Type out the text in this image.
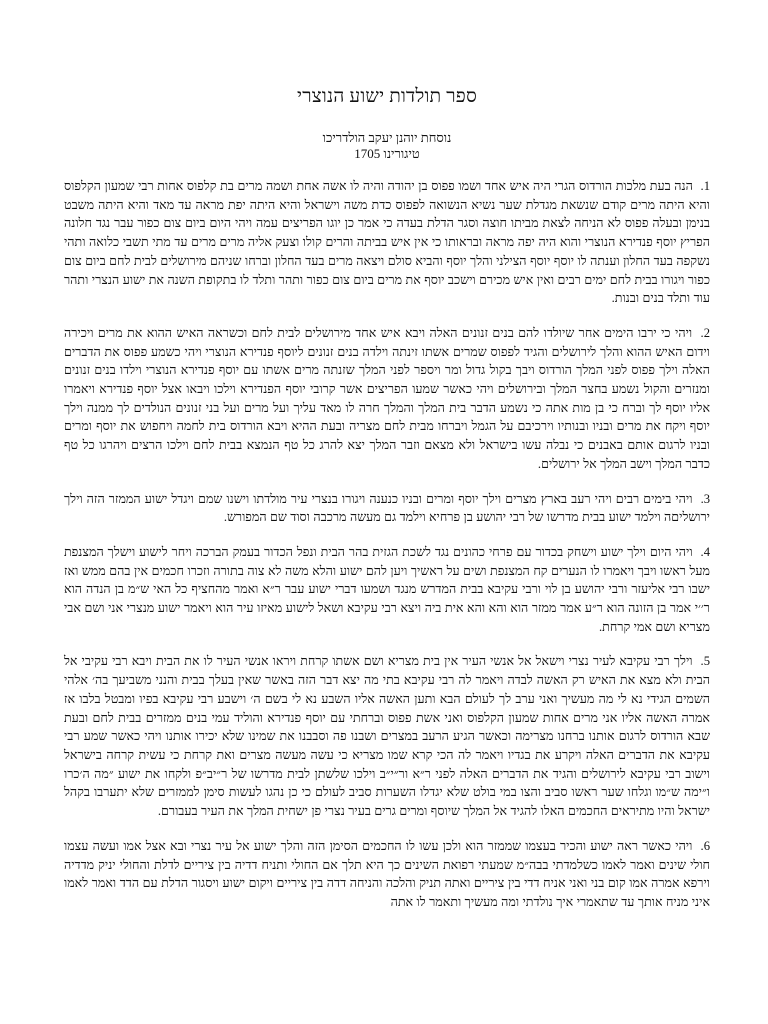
ספר תולדות ישוע הנוצרי

נוסחת יוהנן יעקב הולדריכו

טיגורינו 1705

1. הנה בעת מלכות הורדוס הגרי היה איש אחד ושמו פפוס בן יהודה והיה לו אשה אחת ושמה מרים בת קלפוס אחות רבי שמעון הקלפוס והיא היתה מרים קודם שנשאת מגדלת שער נשיא הנשואה לפפוס כדת משה וישראל והיא היתה יפת מראה עד מאד והיא היתה משבט בנימן ובעלה פפוס לא הניחה לצאת מביתו חוצה וסגר הדלת בעדה כי אמר כן יוגו הפריצים עמה ויהי היום ביום צום כפור עבר נגד חלונה הפריץ יוסף פנדירא הנוצרי והוא היה יפה מראה ובראותו כי אין איש בביתה והרים קולו וצעק אליה מרים מרים עד מתי תשבי כלואה ותהי נשקפה בעד החלון וענתה לו יוסף יוסף הצילני והלך יוסף והביא סולם ויצאה מרים בעד החלון וברחו שניהם מירושלים לבית לחם ביום צום כפור ויגורו בבית לחם ימים רבים ואין איש מכירם וישכב יוסף את מרים ביום צום כפור ותהר ותלד לו בתקופת השנה את ישוע הנצרי ותהר עוד ותלד בנים ובנות.

2. ויהי כי ירבו הימים אחר שיולדו להם בנים זנונים האלה ויבא איש אחד מירושלים לבית לחם וכשראה האיש ההוא את מרים ויכירה וידום האיש ההוא והלך לירושלים והגיד לפפוס שמרים אשתו זינתה וילדה בנים זנונים ליוסף פנדירא הנוצרי ויהי כשמע פפוס את הדברים האלה וילך פפוס לפני המלך הורדוס ויבך בקול גדול ומר ויספר לפני המלך שזנתה מרים אשתו עם יוסף פנדירא הנוצרי וילדו בנים זנונים ומנזרים והקול נשמע בחצר המלך ובירושלים ויהי כאשר שמעו הפריצים אשר קרובי יוסף הפנדירא וילכו ויבאו אצל יוסף פנדירא ויאמרו אליו יוסף לך וברח כי בן מות אתה כי נשמע הדבר בית המלך והמלך חרה לו מאד עליך ועל מרים ועל בני זנונים הנולדים לך ממנה וילך יוסף ויקח את מרים ובניו ובנותיו וירכיבם על הגמל ויברחו מבית לחם מצריה ובעת ההיא ויבא הורדוס בית לחמה ויחפוש את יוסף ומרים ובניו לרגום אותם באבנים כי נבלה עשו בישראל ולא מצאם וזבר המלך יצא להרג כל טף הנמצא בבית לחם וילכו הרצים ויהרגו כל טף כדבר המלך וישב המלך אל ירושלים.

3. ויהי בימים רבים ויהי רעב בארץ מצרים וילך יוסף ומרים ובניו כנענה ויגורו בנצרי עיר מולדתו וישנו שמם ויגדל ישוע הממזר הזה וילך ירושליםה וילמד ישוע בבית מדרשו של רבי יהושע בן פרחיא וילמד גם מעשה מרכבה וסוד שם המפורש.

4. ויהי היום וילך ישוע וישחק בכדור עם פרחי כהונים נגד לשכת הגזית בהר הבית ונפל הכדור בעמק הברכה ויחר לישוע וישלך המצנפת מעל ראשו ויבך ויאמרו לו הנערים קח המצנפת ושים על ראשיך ויען להם ישוע והלא משה לא צוה בתורה וזכרו חכמים אין בהם ממש ואז ישבו רבי אליעזר ורבי יהושע בן לוי ורבי עקיבא בבית המדרש מנגד ושמעו דברי ישוע עבר ר״א ואמר מהחציף כל האי ש״מ בן הנדה הוא ר׳׳י אמר בן הזונה הוא ר״ע אמר ממזר הוא והא והא אית ביה ויצא רבי עקיבא ושאל לישוע מאיזו עיר הוא ויאמר ישוע מנצרי אני ושם אבי מצריא ושם אמי קרחת.

5. וילך רבי עקיבא לעיר נצרי וישאל אל אנשי העיר אין בית מצריא ושם אשתו קרחת ויראו אנשי העיר לו את הבית ויבא רבי עקיבי אל הבית ולא מצא את האיש רק האשה לבדה ויאמר לה רבי עקיבא בתי מה יצא דבר הזה באשר שאין בעלך בבית והנני משביעך בה׳ אלהי השמים הגידי נא לי מה מעשיך ואני ערב לך לעולם הבא ותען האשה אליו השבע נא לי בשם ה׳ וישבע רבי עקיבא בפיו ומבטל בלבו אז אמרה האשה אליו אני מרים אחות שמעון הקלפוס ואני אשת פפוס וברחתי עם יוסף פנדירא והוליד עמי בנים ממזרים בבית לחם ובעת שבא הורדוס לרגום אותנו ברחנו מצרימה וכאשר הגיע הרעב במצרים ושבנו פה וסבבנו את שמינו שלא יכירו אותנו ויהי כאשר שמע רבי עקיבא את הדברים האלה ויקרע את בגדיו ויאמר לה הכי קרא שמו מצריא כי עשה מעשה מצרים ואת קרחת כי עשית קרחה בישראל וישוב רבי עקיבא לירושלים והגיד את הדברים האלה לפני ר״א ור״י״ב וילכו שלשתן לבית מדרשו של ר״יב״פ ולקחו את ישוע ״מה ה׳כרו ו״ימה ש״מו וגלחו שער ראשו סביב והצו במי בולט שלא יגדלו השערות סביב לעולם כי כן נהגו לעשות סימן לממזרים שלא יתערבו בקהל ישראל והיו מתיראים החכמים האלו להגיד אל המלך שיוסף ומרים גרים בעיר נצרי פן ישחית המלך את העיר בעבורם.

6. ויהי כאשר ראה ישוע והכיר בעצמו שממזר הוא ולכן עשו לו החכמים הסימן הזה והלך ישוע אל עיר נצרי ובא אצל אמו ועשה עצמו חולי שינים ואמר לאמו כשלמדתי בבה״מ שמעתי רפואת השינים כך היא תלך אם החולי ותניח דדיה בין ציריים לדלת והחולי יניק מדדיה וירפא אמרה אמו קום בני ואני אניח דדי בין ציריים ואתה תניק והלכה והניחה דדה בין ציריים ויקום ישוע ויסגור הדלת עם הדד ואמר לאמו איני מניח אותך עד שתאמרי איך נולדתי ומה מעשיך ותאמר לו אתה
